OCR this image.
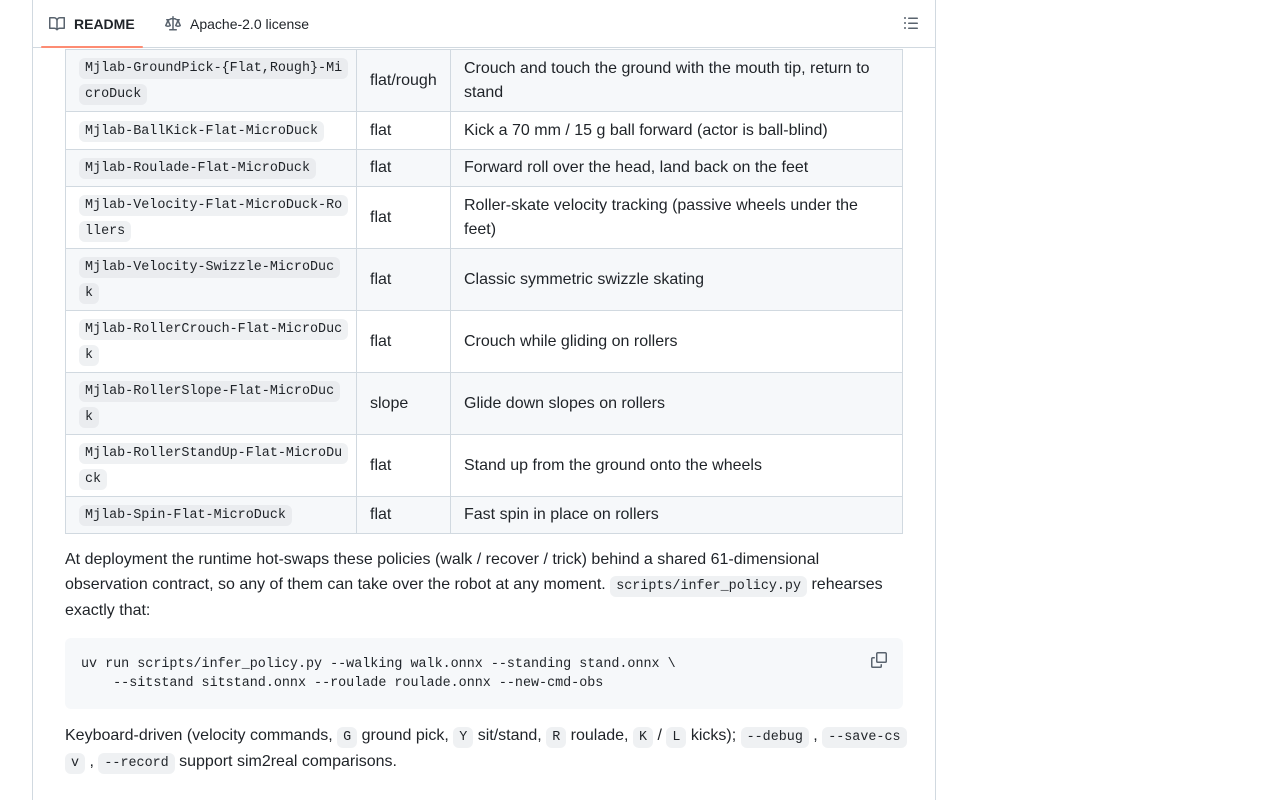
README	Apache-2.0 license
Mjlab-GroundPick-{Flat,Rough}-MicroDuck	flat/rough	Crouch and touch the ground with the mouth tip, return to stand
Mjlab-BallKick-Flat-MicroDuck	flat	Kick a 70 mm / 15 g ball forward (actor is ball-blind)
Mjlab-Roulade-Flat-MicroDuck	flat	Forward roll over the head, land back on the feet
Mjlab-Velocity-Flat-MicroDuck-Rollers	flat	Roller-skate velocity tracking (passive wheels under the feet)
Mjlab-Velocity-Swizzle-MicroDuck	flat	Classic symmetric swizzle skating
Mjlab-RollerCrouch-Flat-MicroDuck	flat	Crouch while gliding on rollers
Mjlab-RollerSlope-Flat-MicroDuck	slope	Glide down slopes on rollers
Mjlab-RollerStandUp-Flat-MicroDuck	flat	Stand up from the ground onto the wheels
Mjlab-Spin-Flat-MicroDuck	flat	Fast spin in place on rollers

At deployment the runtime hot-swaps these policies (walk / recover / trick) behind a shared 61-dimensional observation contract, so any of them can take over the robot at any moment. scripts/infer_policy.py rehearses exactly that:

uv run scripts/infer_policy.py --walking walk.onnx --standing stand.onnx \
--sitstand sitstand.onnx --roulade roulade.onnx --new-cmd-obs

Keyboard-driven (velocity commands, G ground pick, Y sit/stand, R roulade, K / L kicks); --debug , --save-csv , --record support sim2real comparisons.
